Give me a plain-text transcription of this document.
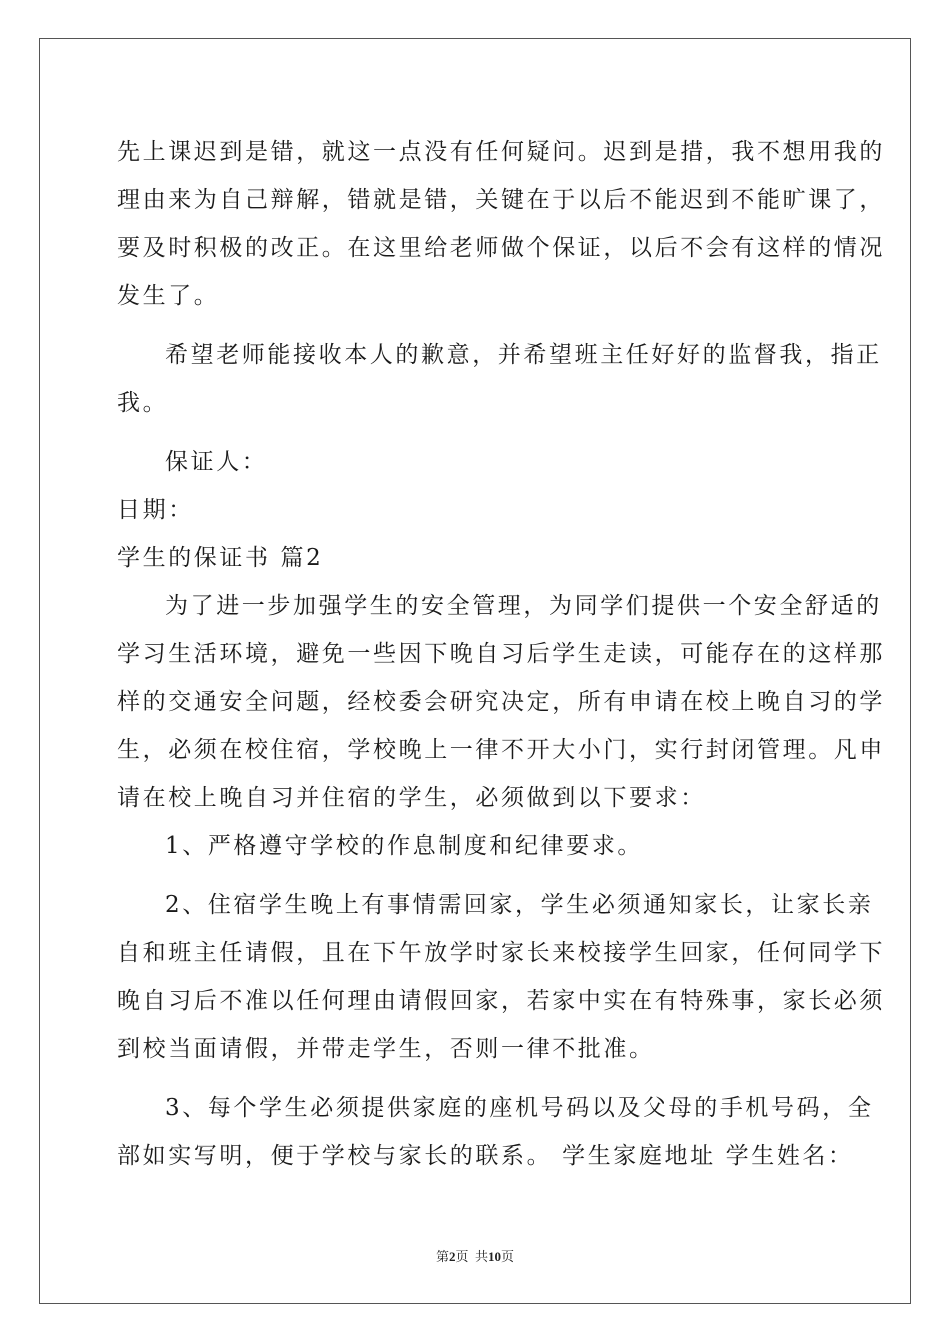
先上课迟到是错，就这一点没有任何疑问。迟到是措，我不想用我的
理由来为自己辩解，错就是错，关键在于以后不能迟到不能旷课了，
要及时积极的改正。在这里给老师做个保证，以后不会有这样的情况
发生了。
希望老师能接收本人的歉意，并希望班主任好好的监督我，指正
我。
保证人：
日期：
学生的保证书 篇2
为了进一步加强学生的安全管理，为同学们提供一个安全舒适的
学习生活环境，避免一些因下晚自习后学生走读，可能存在的这样那
样的交通安全问题，经校委会研究决定，所有申请在校上晚自习的学
生，必须在校住宿，学校晚上一律不开大小门，实行封闭管理。凡申
请在校上晚自习并住宿的学生，必须做到以下要求：
1、严格遵守学校的作息制度和纪律要求。
2、住宿学生晚上有事情需回家，学生必须通知家长，让家长亲
自和班主任请假，且在下午放学时家长来校接学生回家，任何同学下
晚自习后不准以任何理由请假回家，若家中实在有特殊事，家长必须
到校当面请假，并带走学生，否则一律不批准。
3、每个学生必须提供家庭的座机号码以及父母的手机号码，全
部如实写明，便于学校与家长的联系。 学生家庭地址 学生姓名：
第2页  共10页
